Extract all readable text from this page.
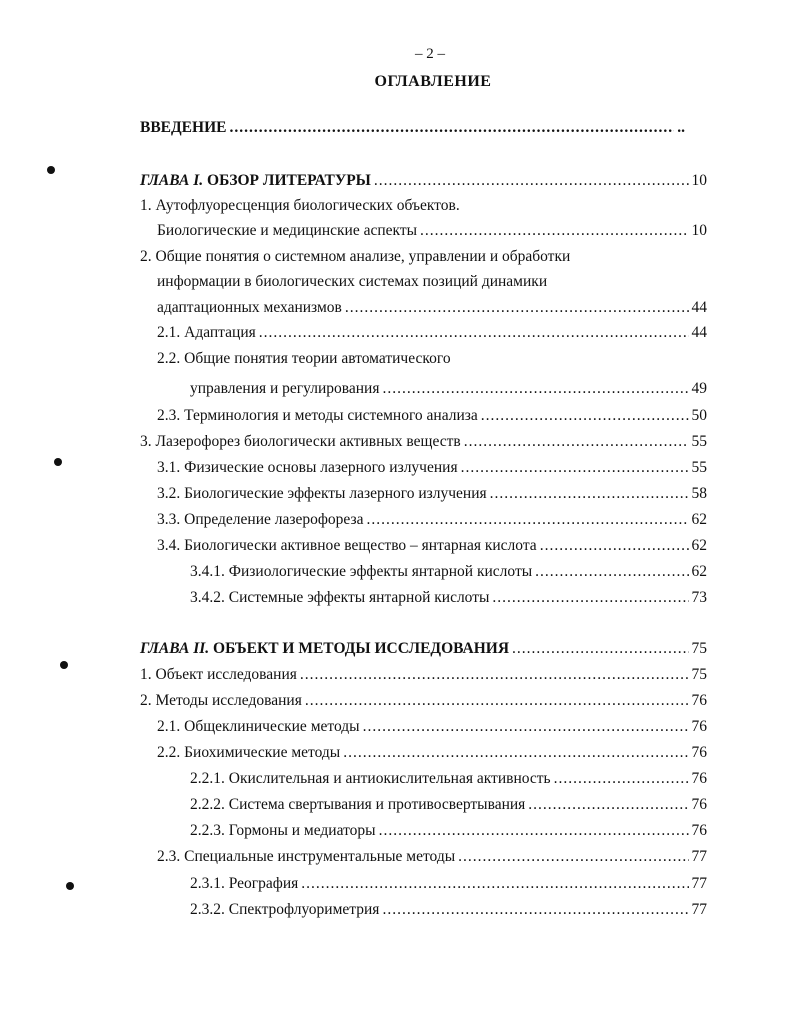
– 2 –
ОГЛАВЛЕНИЕ
ВВЕДЕНИЕ .....	..
ГЛАВА I. ОБЗОР ЛИТЕРАТУРЫ .....	10
1. Аутофлуоресценция биологических объектов.
Биологические и медицинские аспекты .....	10
2. Общие понятия о системном анализе, управлении и обработки
информации в биологических системах позиций динамики
адаптационных механизмов .....	44
2.1. Адаптация .....	44
2.2. Общие понятия теории автоматического
управления и регулирования .....	49
2.3. Терминология и методы системного анализа .....	50
3. Лазерофорез биологически активных веществ .....	55
3.1. Физические основы лазерного излучения .....	55
3.2. Биологические эффекты лазерного излучения .....	58
3.3. Определение лазерофореза .....	62
3.4. Биологически активное вещество – янтарная кислота .....	62
3.4.1. Физиологические эффекты янтарной кислоты .....	62
3.4.2. Системные эффекты янтарной кислоты .....	73
ГЛАВА II. ОБЪЕКТ И МЕТОДЫ ИССЛЕДОВАНИЯ .....	75
1. Объект исследования .....	75
2. Методы исследования .....	76
2.1. Общеклинические методы .....	76
2.2. Биохимические методы .....	76
2.2.1. Окислительная и антиокислительная активность .....	76
2.2.2. Система свертывания и противосвертывания .....	76
2.2.3. Гормоны и медиаторы .....	76
2.3. Специальные инструментальные методы .....	77
2.3.1. Реография .....	77
2.3.2. Спектрофлуориметрия .....	77
